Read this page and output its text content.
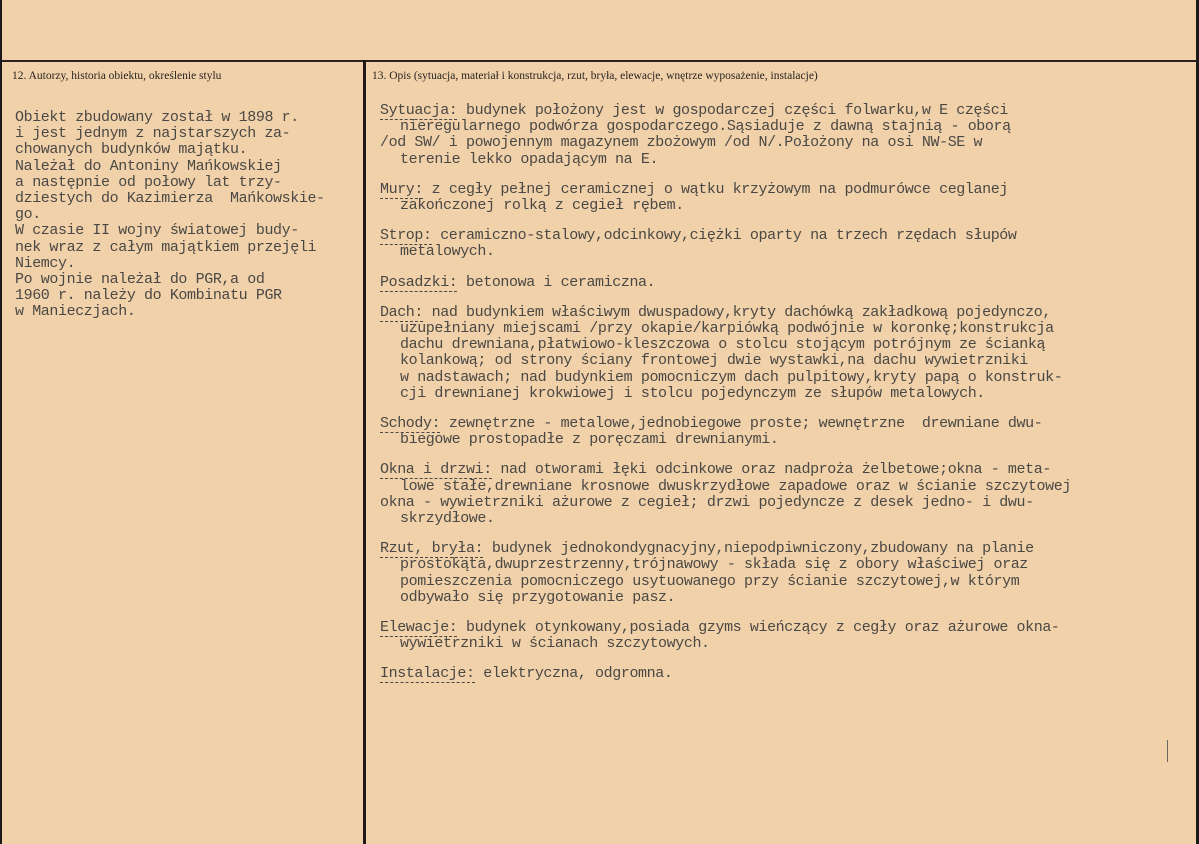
12. Autorzy, historia obiektu, określenie stylu	13. Opis (sytuacja, materiał i konstrukcja, rzut, bryła, elewacje, wnętrze wyposażenie, instalacje)
Obiekt zbudowany został w 1898 r.
i jest jednym z najstarszych za-
chowanych budynków majątku.
Należał do Antoniny Mańkowskiej
a następnie od połowy lat trzy-
dziestych do Kazimierza  Mańkowskie-
go.
W czasie II wojny światowej budy-
nek wraz z całym majątkiem przejęli
Niemcy.
Po wojnie należał do PGR,a od
1960 r. należy do Kombinatu PGR
w Manieczjach.

Sytuacja: budynek położony jest w gospodarczej części folwarku,w E części

nieregularnego podwórza gospodarczego.Sąsiaduje z dawną stajnią - oborą
/od SW/ i powojennym magazynem zbożowym /od N/.Położony na osi NW-SE w
terenie lekko opadającym na E.

Mury: z cegły pełnej ceramicznej o wątku krzyżowym na podmurówce ceglanej

zakończonej rolką z cegieł rębem.

Strop: ceramiczno-stalowy,odcinkowy,ciężki oparty na trzech rzędach słupów

metalowych.

Posadzki: betonowa i ceramiczna.

Dach: nad budynkiem właściwym dwuspadowy,kryty dachówką zakładkową pojedynczo,

uzupełniany miejscami /przy okapie/karpiówką podwójnie w koronkę;konstrukcja
dachu drewniana,płatwiowo-kleszczowa o stolcu stojącym potrójnym ze ścianką
kolankową; od strony ściany frontowej dwie wystawki,na dachu wywietrzniki
w nadstawach; nad budynkiem pomocniczym dach pulpitowy,kryty papą o konstruk-
cji drewnianej krokwiowej i stolcu pojedynczym ze słupów metalowych.

Schody: zewnętrzne - metalowe,jednobiegowe proste; wewnętrzne  drewniane dwu-

biegowe prostopadłe z poręczami drewnianymi.

Okna i drzwi: nad otworami łęki odcinkowe oraz nadproża żelbetowe;okna - meta-

lowe stałe,drewniane krosnowe dwuskrzydłowe zapadowe oraz w ścianie szczytowej
okna - wywietrzniki ażurowe z cegieł; drzwi pojedyncze z desek jedno- i dwu-
skrzydłowe.

Rzut, bryła: budynek jednokondygnacyjny,niepodpiwniczony,zbudowany na planie

prostokąta,dwuprzestrzenny,trójnawowy - składa się z obory właściwej oraz
pomieszczenia pomocniczego usytuowanego przy ścianie szczytowej,w którym
odbywało się przygotowanie pasz.

Elewacje: budynek otynkowany,posiada gzyms wieńczący z cegły oraz ażurowe okna-

wywietrzniki w ścianach szczytowych.

Instalacje: elektryczna, odgromna.
